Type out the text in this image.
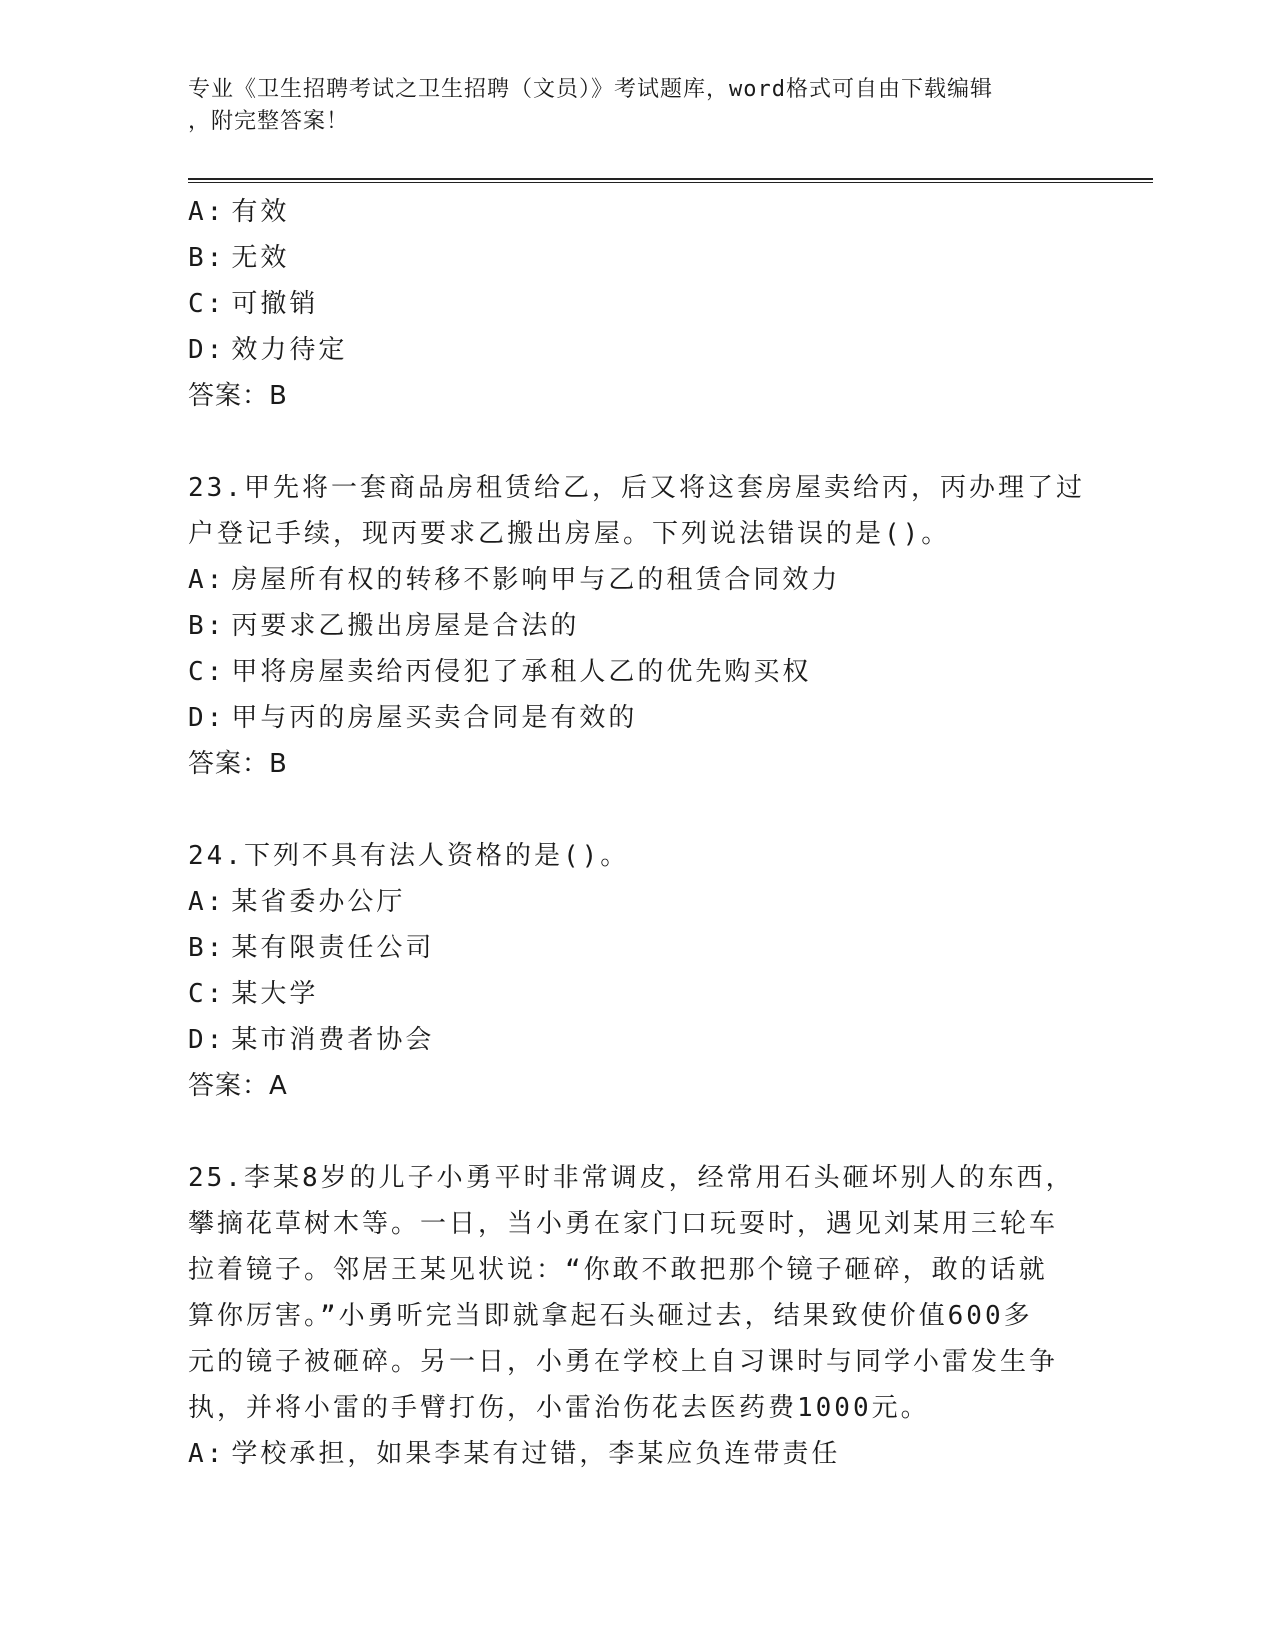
专业《卫生招聘考试之卫生招聘（文员）》考试题库，word格式可自由下载编辑
，附完整答案！
A: 有效
B: 无效
C: 可撤销
D: 效力待定
答案：B
23.甲先将一套商品房租赁给乙，后又将这套房屋卖给丙，丙办理了过
户登记手续，现丙要求乙搬出房屋。下列说法错误的是()。
A: 房屋所有权的转移不影响甲与乙的租赁合同效力
B: 丙要求乙搬出房屋是合法的
C: 甲将房屋卖给丙侵犯了承租人乙的优先购买权
D: 甲与丙的房屋买卖合同是有效的
答案：B
24.下列不具有法人资格的是()。
A: 某省委办公厅
B: 某有限责任公司
C: 某大学
D: 某市消费者协会
答案：A
25.李某8岁的儿子小勇平时非常调皮，经常用石头砸坏别人的东西，
攀摘花草树木等。一日，当小勇在家门口玩耍时，遇见刘某用三轮车
拉着镜子。邻居王某见状说：“你敢不敢把那个镜子砸碎，敢的话就
算你厉害。”小勇听完当即就拿起石头砸过去，结果致使价值600多
元的镜子被砸碎。另一日，小勇在学校上自习课时与同学小雷发生争
执，并将小雷的手臂打伤，小雷治伤花去医药费1000元。
A: 学校承担，如果李某有过错，李某应负连带责任
